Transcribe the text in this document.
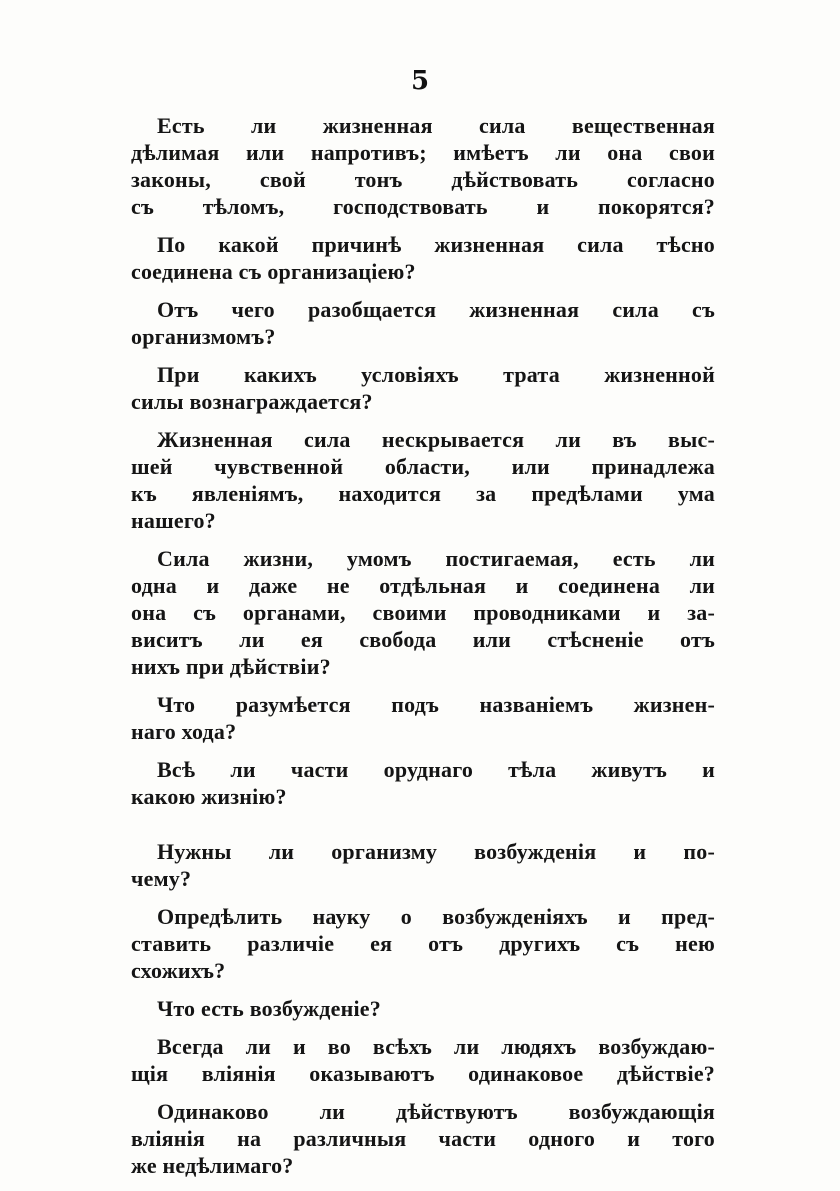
5
Есть ли жизненная сила вещественная
дѣлимая или напротивъ; имѣетъ ли она свои
законы, свой тонъ дѣйствовать согласно
съ тѣломъ, господствовать и покорятся?
По какой причинѣ жизненная сила тѣсно
соединена съ организацiею?
Отъ чего разобщается жизненная сила съ
организмомъ?
При какихъ условiяхъ трата жизненной
силы вознаграждается?
Жизненная сила нескрывается ли въ выс-
шей чувственной области, или принадлежа
къ явленiямъ, находится за предѣлами ума
нашего?
Сила жизни, умомъ постигаемая, есть ли
одна и даже не отдѣльная и соединена ли
она съ органами, своими проводниками и за-
виситъ ли ея свобода или стѣсненiе отъ
нихъ при дѣйствiи?
Что разумѣется подъ названiемъ жизнен-
наго хода?
Всѣ ли части оруднаго тѣла живутъ и
какою жизнiю?
Нужны ли организму возбужденiя и по-
чему?
Опредѣлить науку о возбужденiяхъ и пред-
ставить различiе ея отъ другихъ съ нею
схожихъ?
Что есть возбужденiе?
Всегда ли и во всѣхъ ли людяхъ возбуждаю-
щiя влiянiя оказываютъ одинаковое дѣйствiе?
Одинаково ли дѣйствуютъ возбуждающiя
влiянiя на различныя части одного и того
же недѣлимаго?
